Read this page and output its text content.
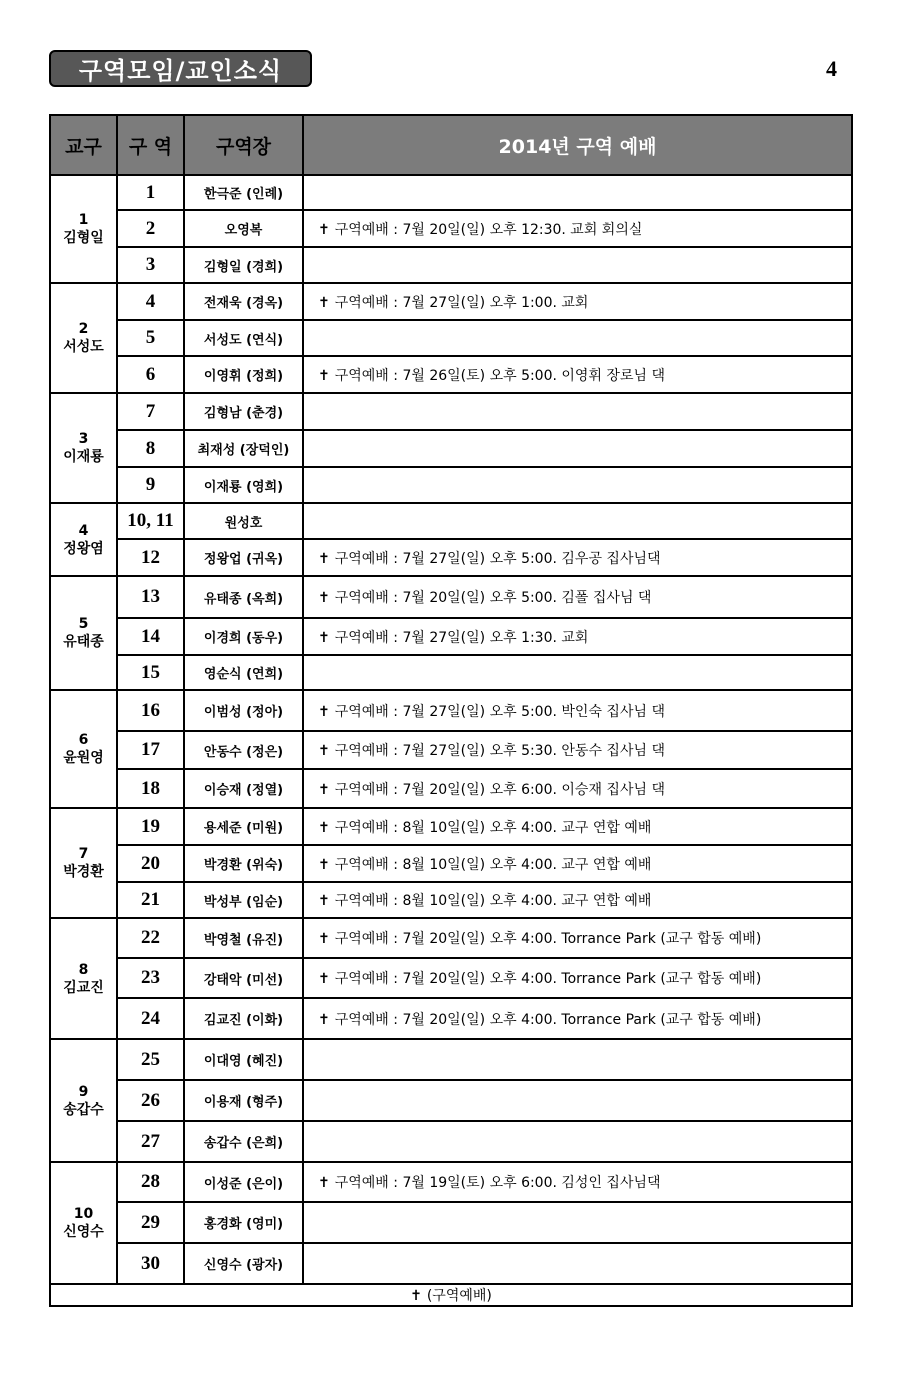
구역모임/교인소식	4
교구	구 역	구역장	2014년 구역 예배

1
김형일	1	한극준 (인례)	
	2	오영복	✝ 구역예배 : 7월 20일(일) 오후 12:30. 교회 회의실
	3	김형일 (경희)	

2
서성도	4	전재욱 (경옥)	✝ 구역예배 : 7월 27일(일) 오후 1:00. 교회
	5	서성도 (연식)	
	6	이영휘 (정희)	✝ 구역예배 : 7월 26일(토) 오후 5:00. 이영휘 장로님 댁

3
이재룡	7	김형남 (춘경)	
	8	최재성 (장덕인)	
	9	이재룡 (영희)	

4
정왕염	10, 11	원성호	
	12	정왕업 (귀옥)	✝ 구역예배 : 7월 27일(일) 오후 5:00. 김우공 집사님댁

5
유태종	13	유태종 (옥희)	✝ 구역예배 : 7월 20일(일) 오후 5:00. 김폴 집사님 댁
	14	이경희 (동우)	✝ 구역예배 : 7월 27일(일) 오후 1:30. 교회
	15	영순식 (연희)	

6
윤원영	16	이범성 (정아)	✝ 구역예배 : 7월 27일(일) 오후 5:00. 박인숙 집사님 댁
	17	안동수 (정은)	✝ 구역예배 : 7월 27일(일) 오후 5:30. 안동수 집사님 댁
	18	이승재 (정열)	✝ 구역예배 : 7월 20일(일) 오후 6:00. 이승재 집사님 댁

7
박경환	19	용세준 (미원)	✝ 구역예배 : 8월 10일(일) 오후 4:00. 교구 연합 예배
	20	박경환 (위숙)	✝ 구역예배 : 8월 10일(일) 오후 4:00. 교구 연합 예배
	21	박성부 (임순)	✝ 구역예배 : 8월 10일(일) 오후 4:00. 교구 연합 예배

8
김교진	22	박영철 (유진)	✝ 구역예배 : 7월 20일(일) 오후 4:00. Torrance Park (교구 합동 예배)
	23	강태악 (미선)	✝ 구역예배 : 7월 20일(일) 오후 4:00. Torrance Park (교구 합동 예배)
	24	김교진 (이화)	✝ 구역예배 : 7월 20일(일) 오후 4:00. Torrance Park (교구 합동 예배)

9
송갑수	25	이대영 (혜진)	
	26	이용재 (형주)	
	27	송갑수 (은희)	

10
신영수	28	이성준 (은이)	✝ 구역예배 : 7월 19일(토) 오후 6:00. 김성인 집사님댁
	29	홍경화 (영미)	
	30	신영수 (광자)	
✝ (구역예배)			
